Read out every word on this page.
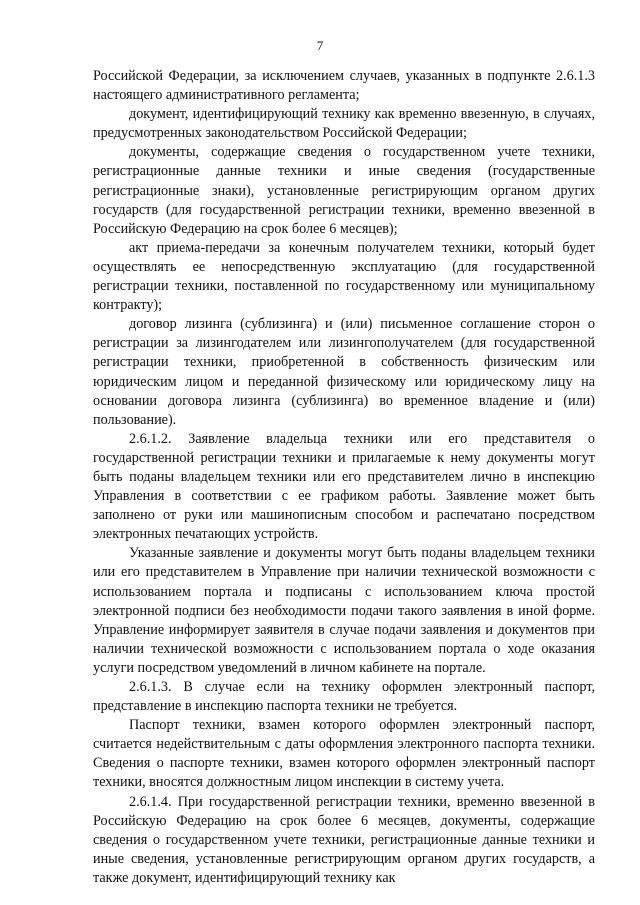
7

Российской Федерации, за исключением случаев, указанных в подпункте 2.6.1.3 настоящего административного регламента;

документ, идентифицирующий технику как временно ввезенную, в случаях, предусмотренных законодательством Российской Федерации;

документы, содержащие сведения о государственном учете техники, регистрационные данные техники и иные сведения (государственные регистрационные знаки), установленные регистрирующим органом других государств (для государственной регистрации техники, временно ввезенной в Российскую Федерацию на срок более 6 месяцев);

акт приема-передачи за конечным получателем техники, который будет осуществлять ее непосредственную эксплуатацию (для государственной регистрации техники, поставленной по государственному или муниципальному контракту);

договор лизинга (сублизинга) и (или) письменное соглашение сторон о регистрации за лизингодателем или лизингополучателем (для государственной регистрации техники, приобретенной в собственность физическим или юридическим лицом и переданной физическому или юридическому лицу на основании договора лизинга (сублизинга) во временное владение и (или) пользование).

2.6.1.2. Заявление владельца техники или его представителя о государственной регистрации техники и прилагаемые к нему документы могут быть поданы владельцем техники или его представителем лично в инспекцию Управления в соответствии с ее графиком работы. Заявление может быть заполнено от руки или машинописным способом и распечатано посредством электронных печатающих устройств.

Указанные заявление и документы могут быть поданы владельцем техники или его представителем в Управление при наличии технической возможности с использованием портала и подписаны с использованием ключа простой электронной подписи без необходимости подачи такого заявления в иной форме. Управление информирует заявителя в случае подачи заявления и документов при наличии технической возможности с использованием портала о ходе оказания услуги посредством уведомлений в личном кабинете на портале.

2.6.1.3. В случае если на технику оформлен электронный паспорт, представление в инспекцию паспорта техники не требуется.

Паспорт техники, взамен которого оформлен электронный паспорт, считается недействительным с даты оформления электронного паспорта техники. Сведения о паспорте техники, взамен которого оформлен электронный паспорт техники, вносятся должностным лицом инспекции в систему учета.

2.6.1.4. При государственной регистрации техники, временно ввезенной в Российскую Федерацию на срок более 6 месяцев, документы, содержащие сведения о государственном учете техники, регистрационные данные техники и иные сведения, установленные регистрирующим органом других государств, а также документ, идентифицирующий технику как
